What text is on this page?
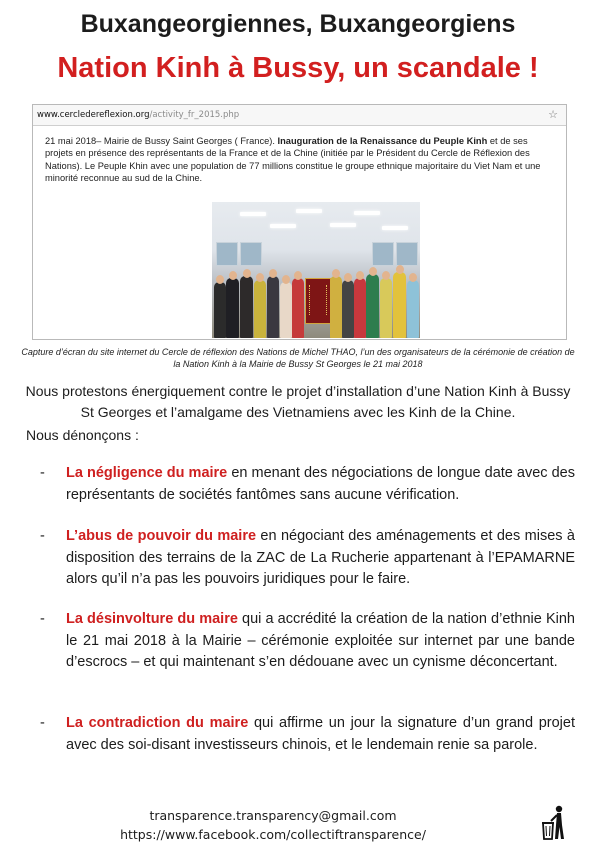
Buxangeorgiennes, Buxangeorgiens
Nation Kinh à Bussy, un scandale !
www.cercledereflexion.org/activity_fr_2015.php	☆

21 mai 2018– Mairie de Bussy Saint Georges ( France). Inauguration de la Renaissance du Peuple Kinh et de ses projets en présence des représentants de la France et de la Chine (initiée par le Président du Cercle de Réflexion des Nations). Le Peuple Khin avec une population de 77 millions constitue le groupe ethnique majoritaire du Viet Nam et une minorité reconnue au sud de la Chine.

Capture d’écran du site internet du Cercle de réflexion des Nations de Michel THAO, l’un des organisateurs de la cérémonie de création de la Nation Kinh à la Mairie de Bussy St Georges le 21 mai 2018

Nous protestons énergiquement contre le projet d’installation d’une Nation Kinh à Bussy St Georges et l’amalgame des Vietnamiens avec les Kinh de la Chine.

Nous dénonçons :

- La négligence du maire en menant des négociations de longue date avec des représentants de sociétés fantômes sans aucune vérification.

- L’abus de pouvoir du maire en négociant des aménagements et des mises à disposition des terrains de la ZAC de La Rucherie appartenant à l’EPAMARNE alors qu’il n’a pas les pouvoirs juridiques pour le faire.

- La désinvolture du maire qui a accrédité la création de la nation d’ethnie Kinh le 21 mai 2018 à la Mairie – cérémonie exploitée sur internet par une bande d’escrocs – et qui maintenant s’en dédouane avec un cynisme déconcertant.

- La contradiction du maire qui affirme un jour la signature d’un grand projet avec des soi-disant investisseurs chinois, et le lendemain renie sa parole.

transparence.transparency@gmail.com

https://www.facebook.com/collectiftransparence/
